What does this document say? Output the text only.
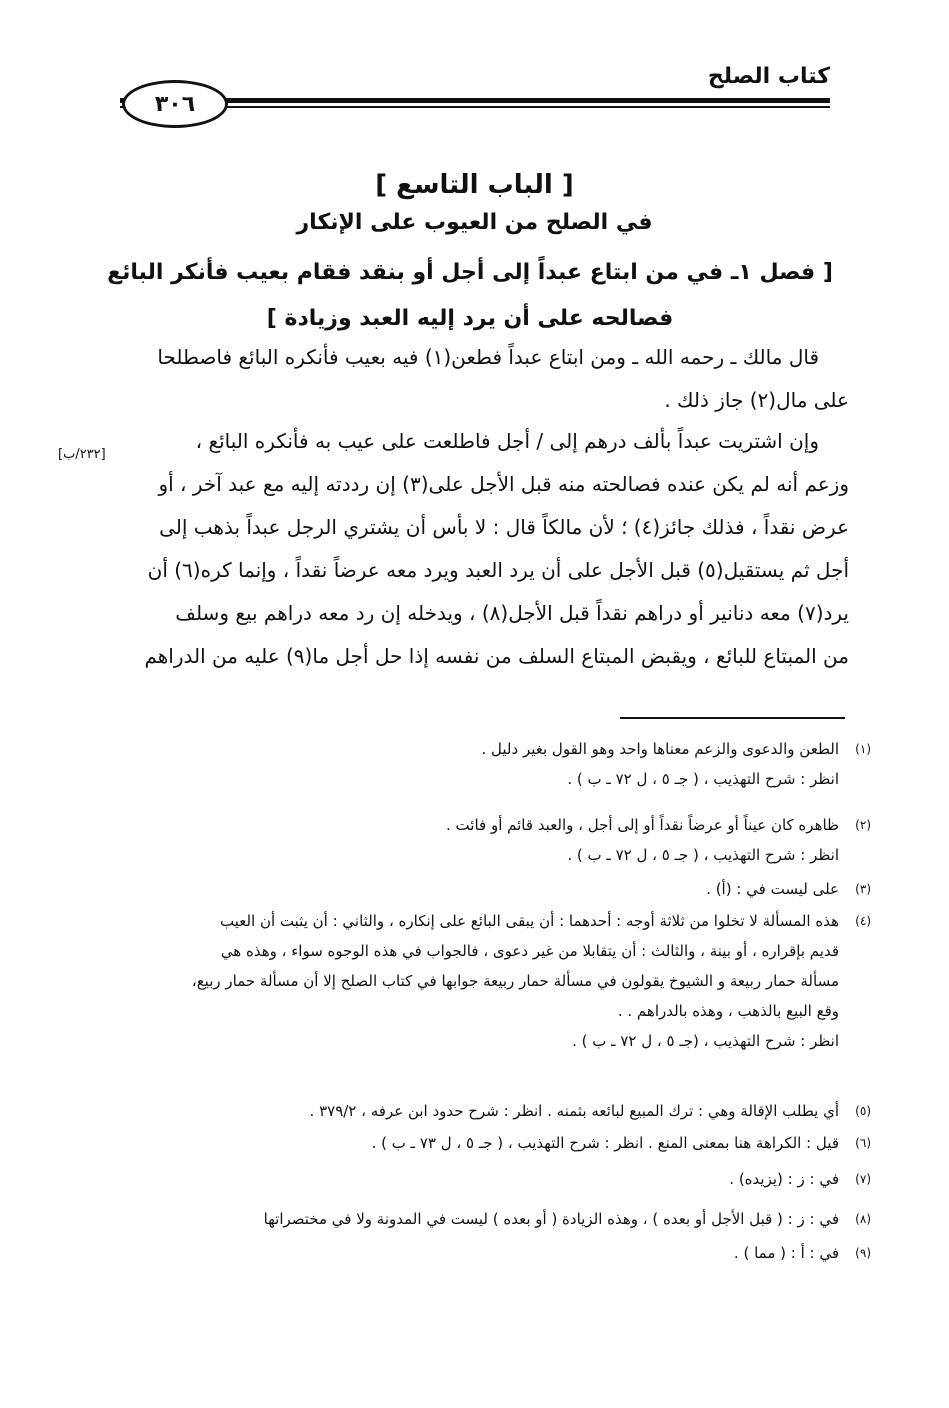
كتاب الصلح
٣٠٦
[ الباب التاسع ]
في الصلح من العيوب على الإنكار
[ فصل ١ـ في من ابتاع عبداً إلى أجل أو بنقد فقام بعيب فأنكر البائع فصالحه على أن يرد إليه العبد وزيادة ]
قال مالك ـ رحمه الله ـ ومن ابتاع عبداً فطعن(١) فيه بعيب فأنكره البائع فاصطلحا
على مال(٢) جاز ذلك .
وإن اشتريت عبداً بألف درهم إلى / أجل فاطلعت على عيب به فأنكره البائع ،
وزعم أنه لم يكن عنده فصالحته منه قبل الأجل على(٣) إن رددته إليه مع عبد آخر ، أو
عرض نقداً ، فذلك جائز(٤) ؛ لأن مالكاً قال : لا بأس أن يشتري الرجل عبداً بذهب إلى
أجل ثم يستقيل(٥) قبل الأجل على أن يرد العبد ويرد معه عرضاً نقداً ، وإنما كره(٦) أن
يرد(٧) معه دنانير أو دراهم نقداً قبل الأجل(٨) ، ويدخله إن رد معه دراهم بيع وسلف
من المبتاع للبائع ، ويقبض المبتاع السلف من نفسه إذا حل أجل ما(٩) عليه من الدراهم
[٢٣٢/ب]
(١)
الطعن والدعوى والزعم معناها واحد وهو القول بغير دليل .
انظر : شرح التهذيب ، ( جـ ٥ ، ل ٧٢ ـ ب ) .
(٢)
ظاهره كان عيناً أو عرضاً نقداً أو إلى أجل ، والعبد قائم أو فائت .
انظر : شرح التهذيب ، ( جـ ٥ ، ل ٧٢ ـ ب ) .
(٣)
على ليست في : (أ) .
(٤)
هذه المسألة لا تخلوا من ثلاثة أوجه : أحدهما : أن يبقى البائع على إنكاره ، والثاني : أن يثبت أن العيب
قديم بإقراره ، أو بينة ، والثالث : أن يتقابلا من غير دعوى ، فالجواب في هذه الوجوه سواء ، وهذه هي
مسألة حمار ربيعة و الشيوخ يقولون في مسألة حمار ربيعة جوابها في كتاب الصلح إلا أن مسألة حمار ربيع،
وقع البيع بالذهب ، وهذه بالدراهم . .
انظر : شرح التهذيب ، (جـ ٥ ، ل ٧٢ ـ ب ) .
(٥)
أي يطلب الإقالة وهي : ترك المبيع لبائعه بثمنه . انظر : شرح حدود ابن عرفه ، ٣٧٩/٢ .
(٦)
قيل : الكراهة هنا بمعنى المنع . انظر : شرح التهذيب ، ( جـ ٥ ، ل ٧٣ ـ ب ) .
(٧)
في : ز : (يزيده) .
(٨)
في : ز : ( قبل الأجل أو بعده ) ، وهذه الزيادة ( أو بعده ) ليست في المدونة ولا في مختصراتها
(٩)
في : أ : ( مما ) .
